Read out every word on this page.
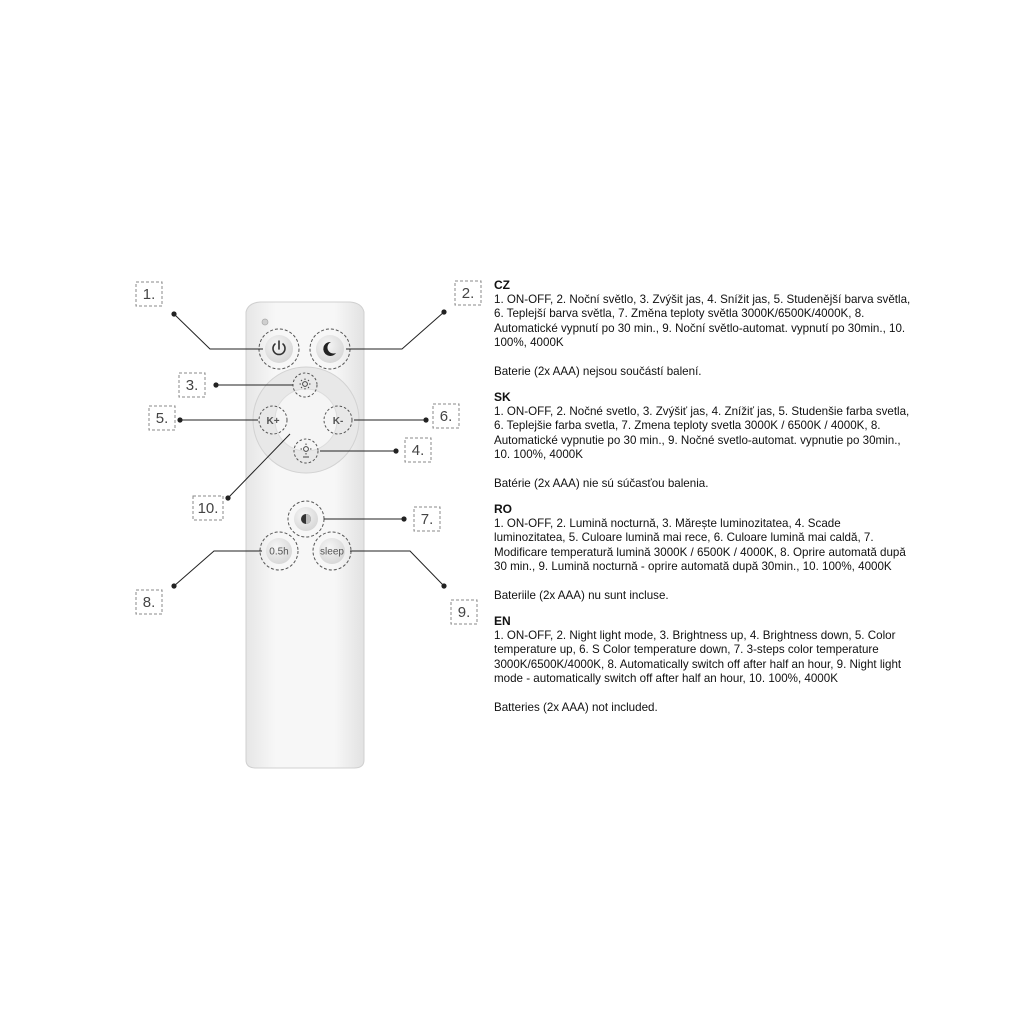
K+	K-
0.5h	sleep
1.	2.
3.
5.	6.
4.
10.
7.
8.
9.

CZ

1. ON-OFF, 2. Noční světlo, 3. Zvýšit jas, 4. Snížit jas, 5. Studenější barva světla, 6. Teplejší barva světla, 7. Změna teploty světla 3000K/6500K/4000K, 8. Automatické vypnutí po 30 min., 9. Noční světlo-automat. vypnutí po 30min., 10. 100%, 4000K

Baterie (2x AAA) nejsou součástí balení.

SK

1. ON-OFF, 2. Nočné svetlo, 3. Zvýšiť jas, 4. Znížiť jas, 5. Studenšie farba svetla, 6. Teplejšie farba svetla, 7. Zmena teploty svetla 3000K / 6500K / 4000K, 8. Automatické vypnutie po 30 min., 9. Nočné svetlo-automat. vypnutie po 30min., 10. 100%, 4000K

Batérie (2x AAA) nie sú súčasťou balenia.

RO

1. ON-OFF, 2. Lumină nocturnă, 3. Mărește luminozitatea, 4. Scade luminozitatea, 5. Culoare lumină mai rece, 6. Culoare lumină mai caldă, 7. Modificare temperatură lumină 3000K / 6500K / 4000K, 8. Oprire automată după 30 min., 9. Lumină nocturnă - oprire automată după 30min., 10. 100%, 4000K

Bateriile (2x AAA) nu sunt incluse.

EN

1. ON-OFF, 2. Night light mode, 3. Brightness up, 4. Brightness down, 5. Color temperature up, 6. S Color temperature down, 7. 3-steps color temperature 3000K/6500K/4000K, 8. Automatically switch off after half an hour, 9. Night light mode - automatically switch off after half an hour, 10. 100%, 4000K

Batteries (2x AAA) not included.
